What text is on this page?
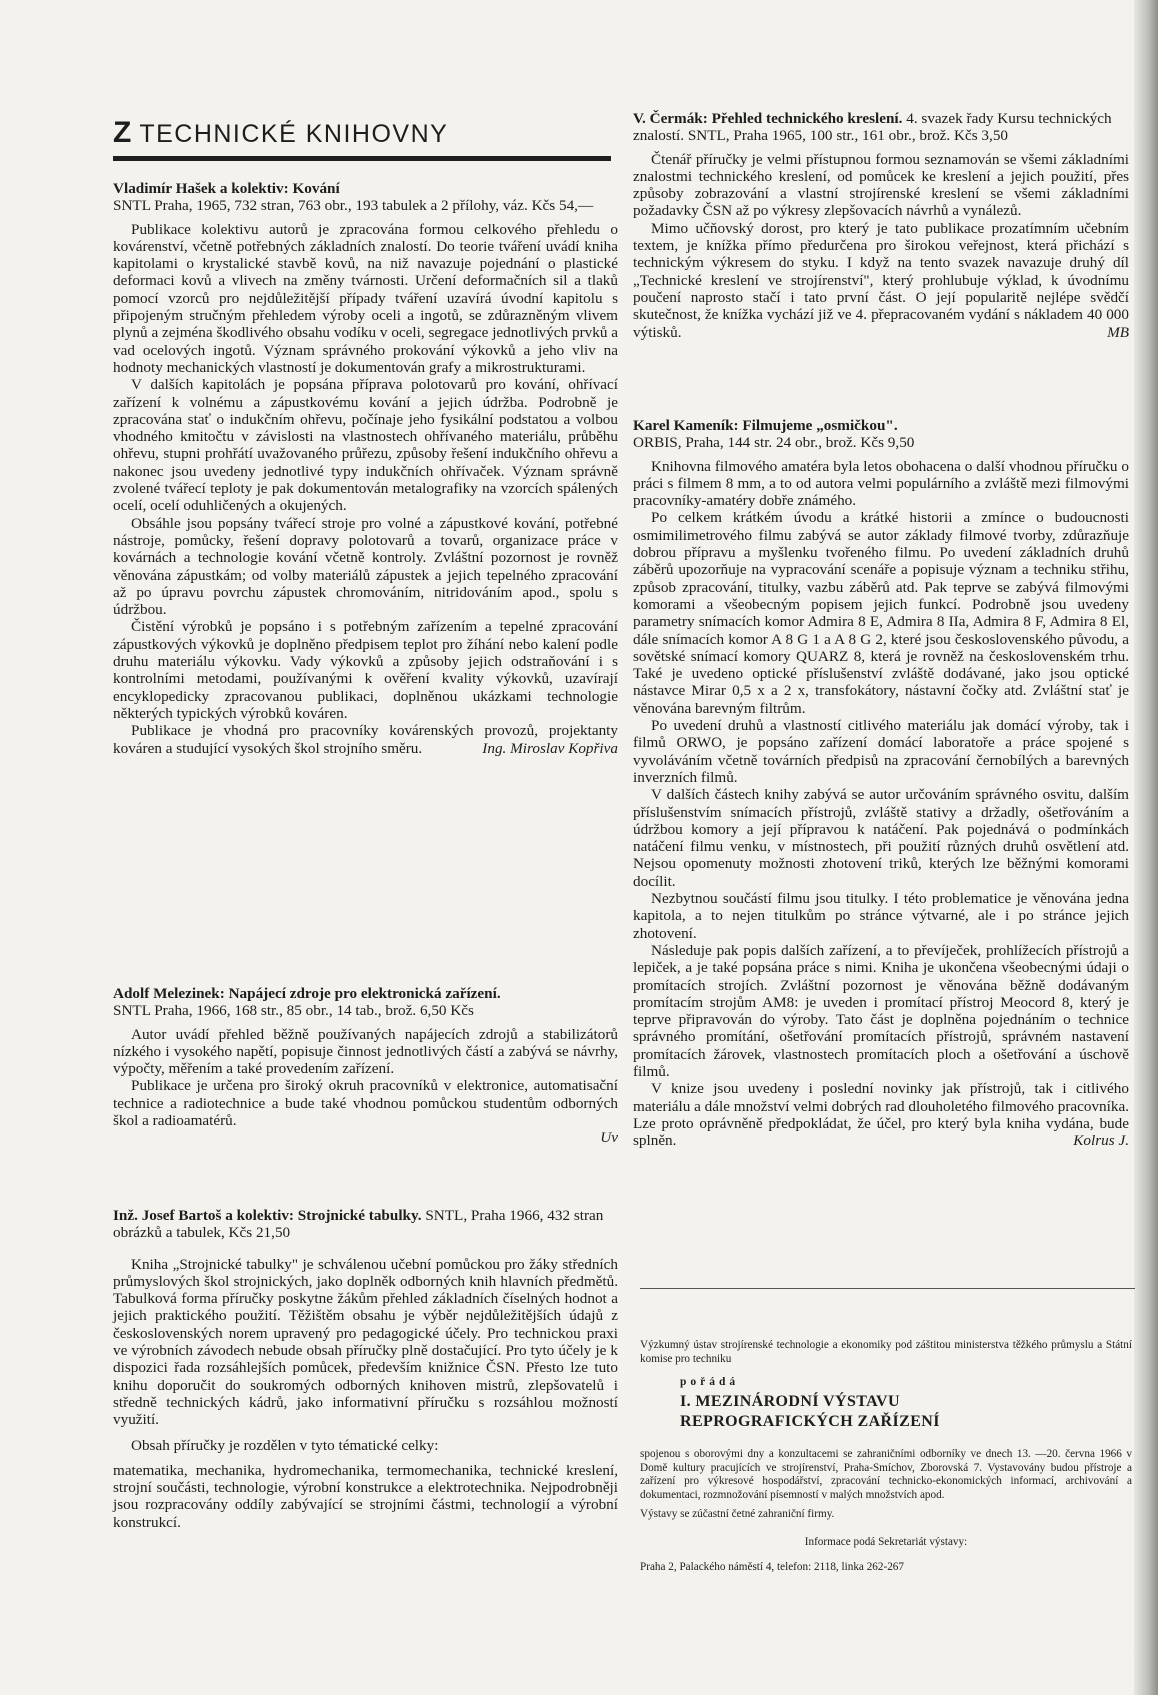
Z TECHNICKÉ KNIHOVNY

Vladimír Hašek a kolektiv: Kování

SNTL Praha, 1965, 732 stran, 763 obr., 193 tabulek a 2 přílohy, váz. Kčs 54,—

Publikace kolektivu autorů je zpracována formou celkového přehledu o kovárenství, včetně potřebných základních znalostí. Do teorie tváření uvádí kniha kapitolami o krystalické stavbě kovů, na niž navazuje pojednání o plastické deformaci kovů a vlivech na změny tvárnosti. Určení deformačních sil a tlaků pomocí vzorců pro nejdůležitější případy tváření uzavírá úvodní kapitolu s připojeným stručným přehledem výroby oceli a ingotů, se zdůrazněným vlivem plynů a zejména škodlivého obsahu vodíku v oceli, segregace jednotlivých prvků a vad ocelových ingotů. Význam správného prokování výkovků a jeho vliv na hodnoty mechanických vlastností je dokumentován grafy a mikrostrukturami.

V dalších kapitolách je popsána příprava polotovarů pro kování, ohřívací zařízení k volnému a zápustkovému kování a jejich údržba. Podrobně je zpracována stať o indukčním ohřevu, počínaje jeho fysikální podstatou a volbou vhodného kmitočtu v závislosti na vlastnostech ohřívaného materiálu, průběhu ohřevu, stupni prohřátí uvažovaného průřezu, způsoby řešení indukčního ohřevu a nakonec jsou uvedeny jednotlivé typy indukčních ohřívaček. Význam správně zvolené tvářecí teploty je pak dokumentován metalografiky na vzorcích spálených ocelí, ocelí oduhličených a okujených.

Obsáhle jsou popsány tvářecí stroje pro volné a zápustkové kování, potřebné nástroje, pomůcky, řešení dopravy polotovarů a tovarů, organizace práce v kovárnách a technologie kování včetně kontroly. Zvláštní pozornost je rovněž věnována zápustkám; od volby materiálů zápustek a jejich tepelného zpracování až po úpravu povrchu zápustek chromováním, nitridováním apod., spolu s údržbou.

Čistění výrobků je popsáno i s potřebným zařízením a tepelné zpracování zápustkových výkovků je doplněno předpisem teplot pro žíhání nebo kalení podle druhu materiálu výkovku. Vady výkovků a způsoby jejich odstraňování i s kontrolními metodami, používanými k ověření kvality výkovků, uzavírají encyklopedicky zpracovanou publikaci, doplněnou ukázkami technologie některých typických výrobků kováren.

Publikace je vhodná pro pracovníky kovárenských provozů, projektanty kováren a studující vysokých škol strojního směru.	Ing. Miroslav Kopřiva

Adolf Melezinek: Napájecí zdroje pro elektronická zařízení.

SNTL Praha, 1966, 168 str., 85 obr., 14 tab., brož. 6,50 Kčs

Autor uvádí přehled běžně používaných napájecích zdrojů a stabilizátorů nízkého i vysokého napětí, popisuje činnost jednotlivých částí a zabývá se návrhy, výpočty, měřením a také provedením zařízení.

Publikace je určena pro široký okruh pracovníků v elektronice, automatisační technice a radiotechnice a bude také vhodnou pomůckou studentům odborných škol a radioamatérů.

Uv

Inž. Josef Bartoš a kolektiv: Strojnické tabulky. SNTL, Praha 1966, 432 stran obrázků a tabulek, Kčs 21,50

Kniha „Strojnické tabulky" je schválenou učební pomůckou pro žáky středních průmyslových škol strojnických, jako doplněk odborných knih hlavních předmětů. Tabulková forma příručky poskytne žákům přehled základních číselných hodnot a jejich praktického použití. Těžištěm obsahu je výběr nejdůležitějších údajů z československých norem upravený pro pedagogické účely. Pro technickou praxi ve výrobních závodech nebude obsah příručky plně dostačující. Pro tyto účely je k dispozici řada rozsáhlejších pomůcek, především knižnice ČSN. Přesto lze tuto knihu doporučit do soukromých odborných knihoven mistrů, zlepšovatelů i středně technických kádrů, jako informativní příručku s rozsáhlou možností využití.

Obsah příručky je rozdělen v tyto tématické celky:

matematika, mechanika, hydromechanika, termomechanika, technické kreslení, strojní součásti, technologie, výrobní konstrukce a elektrotechnika. Nejpodrobněji jsou rozpracovány oddíly zabývající se strojními částmi, technologií a výrobní konstrukcí.

V. Čermák: Přehled technického kreslení. 4. svazek řady Kursu technických znalostí. SNTL, Praha 1965, 100 str., 161 obr., brož. Kčs 3,50

Čtenář příručky je velmi přístupnou formou seznamován se všemi základními znalostmi technického kreslení, od pomůcek ke kreslení a jejich použití, přes způsoby zobrazování a vlastní strojírenské kreslení se všemi základními požadavky ČSN až po výkresy zlepšovacích návrhů a vynálezů.

Mimo učňovský dorost, pro který je tato publikace prozatímním učebním textem, je knížka přímo předurčena pro širokou veřejnost, která přichází s technickým výkresem do styku. I když na tento svazek navazuje druhý díl „Technické kreslení ve strojírenství", který prohlubuje výklad, k úvodnímu poučení naprosto stačí i tato první část. O její popularitě nejlépe svědčí skutečnost, že knížka vychází již ve 4. přepracovaném vydání s nákladem 40 000 výtisků.	MB

Karel Kameník: Filmujeme „osmičkou".

ORBIS, Praha, 144 str. 24 obr., brož. Kčs 9,50

Knihovna filmového amatéra byla letos obohacena o další vhodnou příručku o práci s filmem 8 mm, a to od autora velmi populárního a zvláště mezi filmovými pracovníky-amatéry dobře známého.

Po celkem krátkém úvodu a krátké historii a zmínce o budoucnosti osmimilimetrového filmu zabývá se autor základy filmové tvorby, zdůrazňuje dobrou přípravu a myšlenku tvořeného filmu. Po uvedení základních druhů záběrů upozorňuje na vypracování scenáře a popisuje význam a techniku střihu, způsob zpracování, titulky, vazbu záběrů atd. Pak teprve se zabývá filmovými komorami a všeobecným popisem jejich funkcí. Podrobně jsou uvedeny parametry snímacích komor Admira 8 E, Admira 8 IIa, Admira 8 F, Admira 8 El, dále snímacích komor A 8 G 1 a A 8 G 2, které jsou československého původu, a sovětské snímací komory QUARZ 8, která je rovněž na československém trhu. Také je uvedeno optické příslušenství zvláště dodávané, jako jsou optické nástavce Mirar 0,5 x a 2 x, transfokátory, nástavní čočky atd. Zvláštní stať je věnována barevným filtrům.

Po uvedení druhů a vlastností citlivého materiálu jak domácí výroby, tak i filmů ORWO, je popsáno zařízení domácí laboratoře a práce spojené s vyvoláváním včetně továrních předpisů na zpracování černobílých a barevných inverzních filmů.

V dalších částech knihy zabývá se autor určováním správného osvitu, dalším příslušenstvím snímacích přístrojů, zvláště stativy a držadly, ošetřováním a údržbou komory a její přípravou k natáčení. Pak pojednává o podmínkách natáčení filmu venku, v místnostech, při použití různých druhů osvětlení atd. Nejsou opomenuty možnosti zhotovení triků, kterých lze běžnými komorami docílit.

Nezbytnou součástí filmu jsou titulky. I této problematice je věnována jedna kapitola, a to nejen titulkům po stránce výtvarné, ale i po stránce jejich zhotovení.

Následuje pak popis dalších zařízení, a to převíječek, prohlížecích přístrojů a lepiček, a je také popsána práce s nimi. Kniha je ukončena všeobecnými údaji o promítacích strojích. Zvláštní pozornost je věnována běžně dodávaným promítacím strojům AM8: je uveden i promítací přístroj Meocord 8, který je teprve připravován do výroby. Tato část je doplněna pojednáním o technice správného promítání, ošetřování promítacích přístrojů, správném nastavení promítacích žárovek, vlastnostech promítacích ploch a ošetřování a úschově filmů.

V knize jsou uvedeny i poslední novinky jak přístrojů, tak i citlivého materiálu a dále množství velmi dobrých rad dlouholetého filmového pracovníka. Lze proto oprávněně předpokládat, že účel, pro který byla kniha vydána, bude splněn.	Kolrus J.

Výzkumný ústav strojírenské technologie a ekonomiky pod záštitou ministerstva těžkého průmyslu a Státní komise pro techniku

pořádá

I. MEZINÁRODNÍ VÝSTAVU

REPROGRAFICKÝCH ZAŘÍZENÍ

spojenou s oborovými dny a konzultacemi se zahraničními odborníky ve dnech 13. —20. června 1966 v Domě kultury pracujících ve strojírenství, Praha-Smíchov, Zborovská 7. Vystavovány budou přístroje a zařízení pro výkresové hospodářství, zpracování technicko-ekonomických informací, archivování a dokumentaci, rozmnožování písemností v malých množstvích apod.

Výstavy se zúčastní četné zahraniční firmy.

Informace podá Sekretariát výstavy:

Praha 2, Palackého náměstí 4, telefon: 2118, linka 262-267
